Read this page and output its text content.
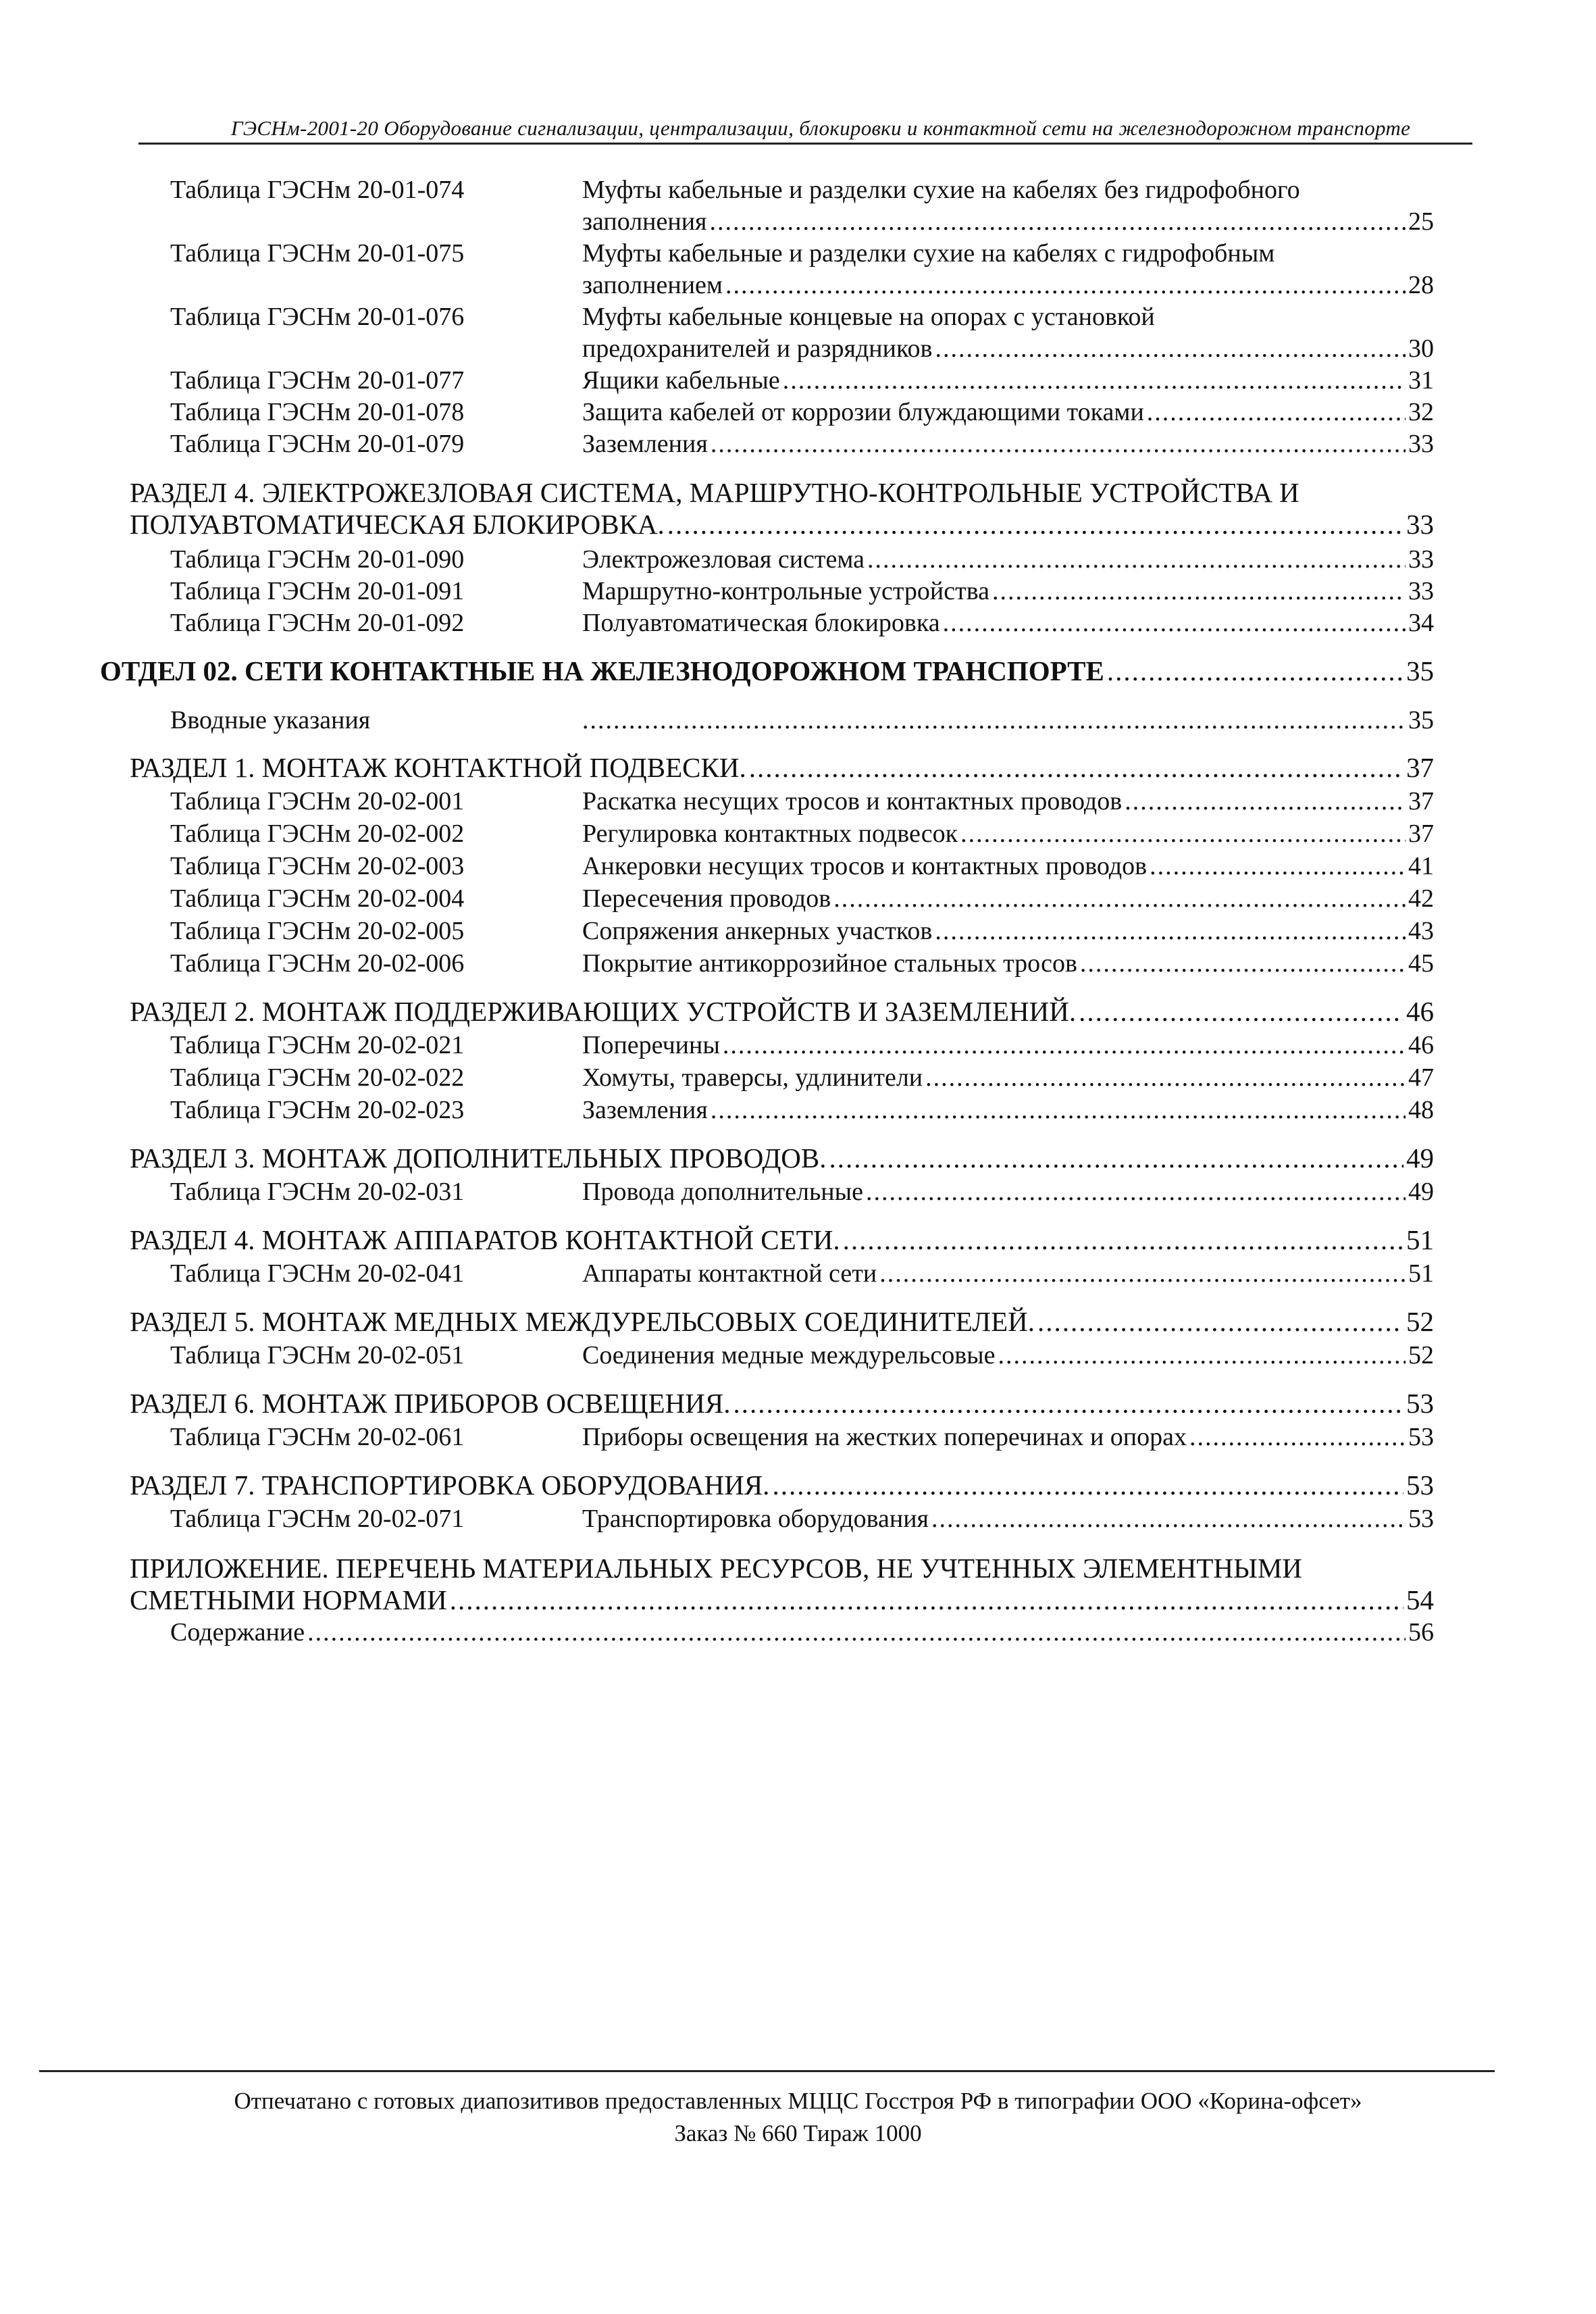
ГЭСНм-2001-20 Оборудование сигнализации, централизации, блокировки и контактной сети на железнодорожном транспорте
Таблица ГЭСНм 20-01-074	Муфты кабельные и разделки сухие на кабелях без гидрофобного
заполнения .....	25
Таблица ГЭСНм 20-01-075	Муфты кабельные и разделки сухие на кабелях с гидрофобным
заполнением .....	28
Таблица ГЭСНм 20-01-076	Муфты кабельные концевые на опорах с установкой
предохранителей и разрядников .....	30
Таблица ГЭСНм 20-01-077	Ящики кабельные .....	31
Таблица ГЭСНм 20-01-078	Защита кабелей от коррозии блуждающими токами .....	32
Таблица ГЭСНм 20-01-079	Заземления .....	33
РАЗДЕЛ 4. ЭЛЕКТРОЖЕЗЛОВАЯ СИСТЕМА, МАРШРУТНО-КОНТРОЛЬНЫЕ УСТРОЙСТВА И
ПОЛУАВТОМАТИЧЕСКАЯ БЛОКИРОВКА. .....	33
Таблица ГЭСНм 20-01-090	Электрожезловая система .....	33
Таблица ГЭСНм 20-01-091	Маршрутно-контрольные устройства .....	33
Таблица ГЭСНм 20-01-092	Полуавтоматическая блокировка .....	34
ОТДЕЛ 02. СЕТИ КОНТАКТНЫЕ НА ЖЕЛЕЗНОДОРОЖНОМ ТРАНСПОРТЕ .....	35
Вводные указания .....	35
РАЗДЕЛ 1. МОНТАЖ КОНТАКТНОЙ ПОДВЕСКИ. .....	37
Таблица ГЭСНм 20-02-001	Раскатка несущих тросов и контактных проводов .....	37
Таблица ГЭСНм 20-02-002	Регулировка контактных подвесок .....	37
Таблица ГЭСНм 20-02-003	Анкеровки несущих тросов и контактных проводов .....	41
Таблица ГЭСНм 20-02-004	Пересечения проводов .....	42
Таблица ГЭСНм 20-02-005	Сопряжения анкерных участков .....	43
Таблица ГЭСНм 20-02-006	Покрытие антикоррозийное стальных тросов .....	45
РАЗДЕЛ 2. МОНТАЖ ПОДДЕРЖИВАЮЩИХ УСТРОЙСТВ И ЗАЗЕМЛЕНИЙ. .....	46
Таблица ГЭСНм 20-02-021	Поперечины .....	46
Таблица ГЭСНм 20-02-022	Хомуты, траверсы, удлинители .....	47
Таблица ГЭСНм 20-02-023	Заземления .....	48
РАЗДЕЛ 3. МОНТАЖ ДОПОЛНИТЕЛЬНЫХ ПРОВОДОВ. .....	49
Таблица ГЭСНм 20-02-031	Провода дополнительные .....	49
РАЗДЕЛ 4. МОНТАЖ АППАРАТОВ КОНТАКТНОЙ СЕТИ. .....	51
Таблица ГЭСНм 20-02-041	Аппараты контактной сети .....	51
РАЗДЕЛ 5. МОНТАЖ МЕДНЫХ МЕЖДУРЕЛЬСОВЫХ СОЕДИНИТЕЛЕЙ. .....	52
Таблица ГЭСНм 20-02-051	Соединения медные междурельсовые .....	52
РАЗДЕЛ 6. МОНТАЖ ПРИБОРОВ ОСВЕЩЕНИЯ. .....	53
Таблица ГЭСНм 20-02-061	Приборы освещения на жестких поперечинах и опорах .....	53
РАЗДЕЛ 7. ТРАНСПОРТИРОВКА ОБОРУДОВАНИЯ. .....	53
Таблица ГЭСНм 20-02-071	Транспортировка оборудования .....	53
ПРИЛОЖЕНИЕ. ПЕРЕЧЕНЬ МАТЕРИАЛЬНЫХ РЕСУРСОВ, НЕ УЧТЕННЫХ ЭЛЕМЕНТНЫМИ
СМЕТНЫМИ НОРМАМИ .....	54
Содержание .....	56
Отпечатано с готовых диапозитивов предоставленных МЦЦС Госстроя РФ в типографии ООО «Корина-офсет»
Заказ № 660 Тираж 1000
